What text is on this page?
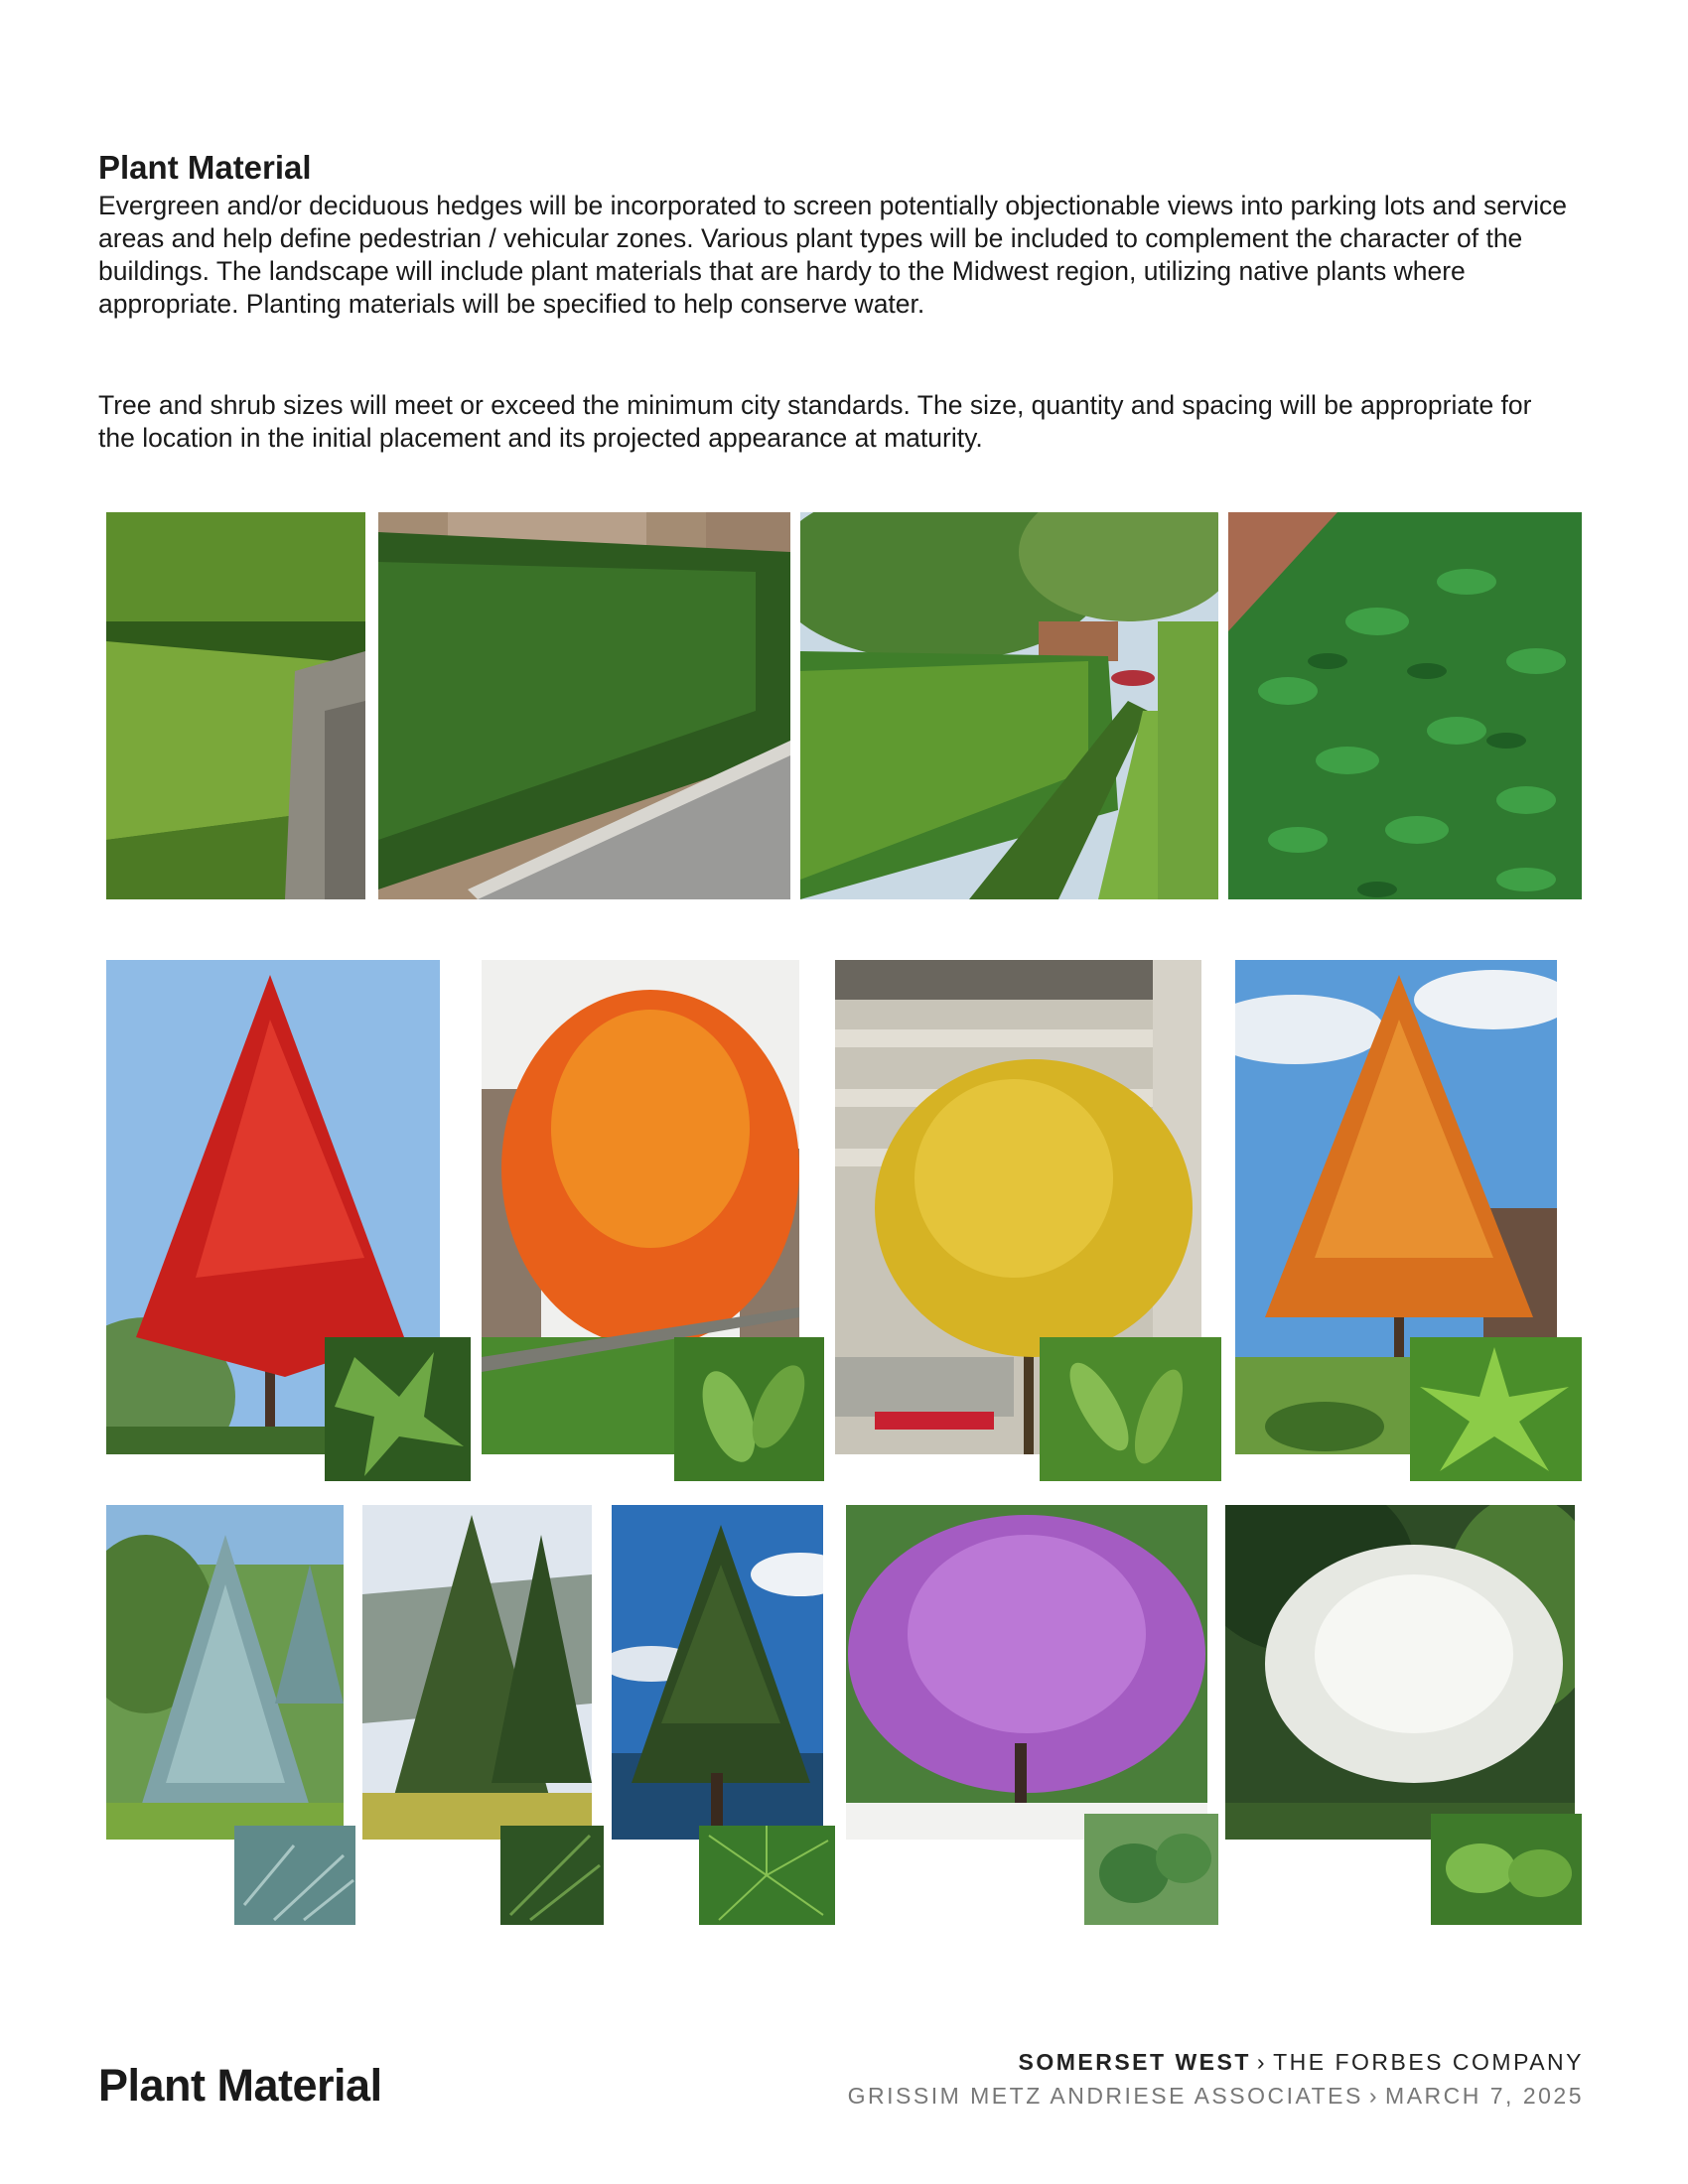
Plant Material

Evergreen and/or deciduous hedges will be incorporated to screen potentially objectionable views into parking lots and service areas and help define pedestrian / vehicular zones. Various plant types will be included to complement the character of the buildings. The landscape will include plant materials that are hardy to the Midwest region, utilizing native plants where appropriate. Planting materials will be specified to help conserve water.

Tree and shrub sizes will meet or exceed the minimum city standards. The size, quantity and spacing will be appropriate for the location in the initial placement and its projected appearance at maturity.

Plant Material	SOMERSET WEST › THE FORBES COMPANY
GRISSIM METZ ANDRIESE ASSOCIATES › MARCH 7, 2025
